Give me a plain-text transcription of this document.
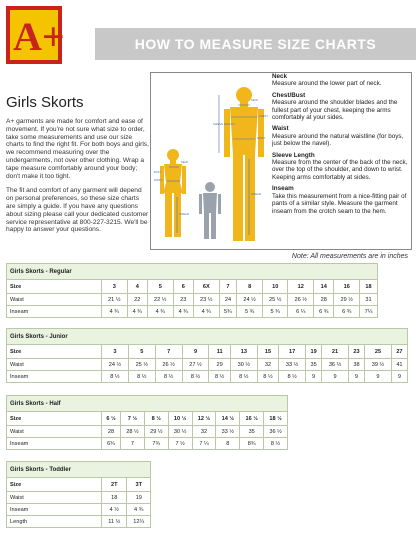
A+	HOW TO MEASURE SIZE CHARTS
Girls Skorts

A+ garments are made for comfort and ease of movement. If you're not sure what size to order, take some measurements and use our size charts to find the right fit. For both boys and girls, we recommend measuring over the undergarments, not over other clothing. Wrap a tape measure comfortably around your body; don't make it too tight.

The fit and comfort of any garment will depend on personal preferences, so these size charts are simply a guide. If you have any questions about sizing please call your dedicated customer service representative at 800-227-3215. We'll be happy to answer your questions.

NECK
BUST
WAIST
INSEAM
NECK
CHEST
WAIST
INSEAM
SLEEVE LENGTH
Neck
Measure around the lower part of neck.
Chest/Bust
Measure around the shoulder blades and the fullest part of your chest, keeping the arms comfortably at your sides.
Waist
Measure around the natural waistline (for boys, just below the navel).
Sleeve Length
Measure from the center of the back of the neck, over the top of the shoulder, and down to wrist. Keeping arms comfortably at sides.
Inseam
Take this measurement from a nice-fitting pair of pants of a similar style. Measure the garment inseam from the crotch seam to the hem.
Note: All measurements are in inches
Girls Skorts - Regular
Size	3	4	5	6	6X	7	8	10	12	14	16	18
Waist	21 ½	22	22 ½	23	23 ½	24	24 ½	25 ½	26 ½	28	29 ½	31
Inseam	4 ¾	4 ¾	4 ¾	4 ¾	4 ¾	5¾	5 ¾	5 ¾	6 ¼	6 ¾	6 ¾	7¼
Girls Skorts - Junior
Size	3	5	7	9	11	13	15	17	19	21	23	25	27
Waist	24 ½	25 ½	26 ½	27 ½	29	30 ½	32	33 ½	35	36 ½	38	39 ½	41
Inseam	8 ½	8 ½	8 ½	8 ½	8 ½	8 ½	8 ½	8 ½	9	9	9	9	9
Girls Skorts - Half
Size	6 ½	7 ½	8 ½	10 ½	12 ½	14 ½	16 ½	18 ½
Waist	28	28 ½	29 ½	30 ½	32	33 ½	35	36 ½
Inseam	6¾	7	7¾	7 ½	7 ¼	8	8¾	8 ½
Girls Skorts - Toddler
Size	2T	3T
Waist	18	19
Inseam	4 ½	4 ¾
Length	11 ½	12¼
